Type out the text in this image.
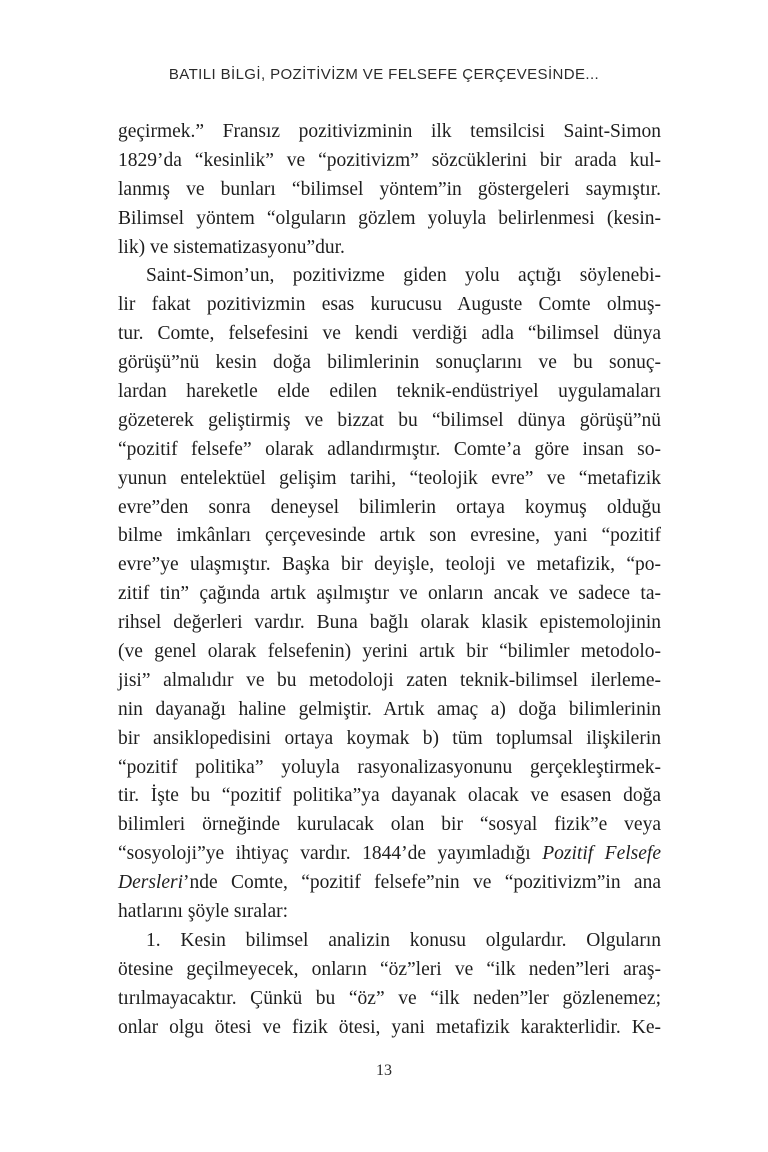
BATILI BİLGİ, POZİTİVİZM VE FELSEFE ÇERÇEVESİNDE...
geçirmek.” Fransız pozitivizminin ilk temsilcisi Saint-Simon
1829’da “kesinlik” ve “pozitivizm” sözcüklerini bir arada kul-
lanmış ve bunları “bilimsel yöntem”in göstergeleri saymıştır.
Bilimsel yöntem “olguların gözlem yoluyla belirlenmesi (kesin-
lik) ve sistematizasyonu”dur.
Saint-Simon’un, pozitivizme giden yolu açtığı söylenebi-
lir fakat pozitivizmin esas kurucusu Auguste Comte olmuş-
tur. Comte, felsefesini ve kendi verdiği adla “bilimsel dünya
görüşü”nü kesin doğa bilimlerinin sonuçlarını ve bu sonuç-
lardan hareketle elde edilen teknik-endüstriyel uygulamaları
gözeterek geliştirmiş ve bizzat bu “bilimsel dünya görüşü”nü
“pozitif felsefe” olarak adlandırmıştır. Comte’a göre insan so-
yunun entelektüel gelişim tarihi, “teolojik evre” ve “metafizik
evre”den sonra deneysel bilimlerin ortaya koymuş olduğu
bilme imkânları çerçevesinde artık son evresine, yani “pozitif
evre”ye ulaşmıştır. Başka bir deyişle, teoloji ve metafizik, “po-
zitif tin” çağında artık aşılmıştır ve onların ancak ve sadece ta-
rihsel değerleri vardır. Buna bağlı olarak klasik epistemolojinin
(ve genel olarak felsefenin) yerini artık bir “bilimler metodolo-
jisi” almalıdır ve bu metodoloji zaten teknik-bilimsel ilerleme-
nin dayanağı haline gelmiştir. Artık amaç a) doğa bilimlerinin
bir ansiklopedisini ortaya koymak b) tüm toplumsal ilişkilerin
“pozitif politika” yoluyla rasyonalizasyonunu gerçekleştirmek-
tir. İşte bu “pozitif politika”ya dayanak olacak ve esasen doğa
bilimleri örneğinde kurulacak olan bir “sosyal fizik”e veya
“sosyoloji”ye ihtiyaç vardır. 1844’de yayımladığı Pozitif Felsefe
Dersleri’nde Comte, “pozitif felsefe”nin ve “pozitivizm”in ana
hatlarını şöyle sıralar:
1. Kesin bilimsel analizin konusu olgulardır. Olguların
ötesine geçilmeyecek, onların “öz”leri ve “ilk neden”leri araş-
tırılmayacaktır. Çünkü bu “öz” ve “ilk neden”ler gözlenemez;
onlar olgu ötesi ve fizik ötesi, yani metafizik karakterlidir. Ke-
13
